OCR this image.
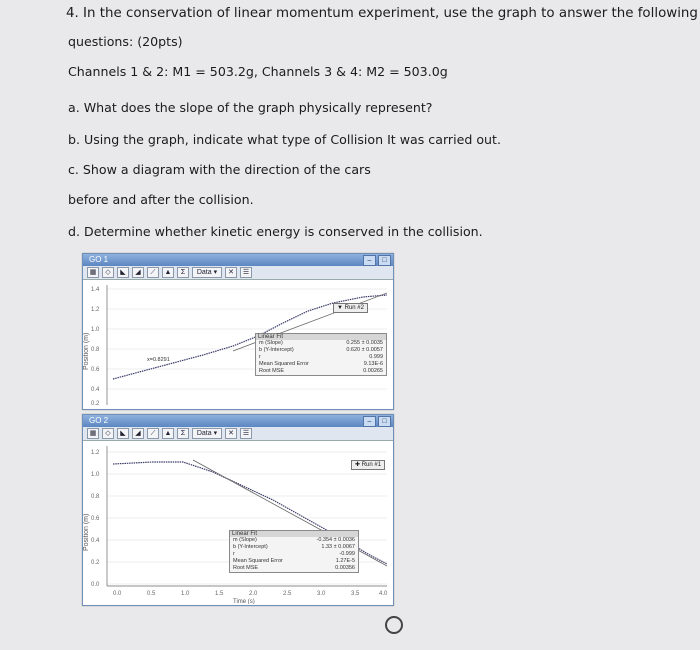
4. In the conservation of linear momentum experiment, use the graph to answer the following
questions: (20pts)
Channels 1 & 2: M1 = 503.2g, Channels 3 & 4: M2 = 503.0g
a. What does the slope of the graph physically represent?
b. Using the graph, indicate what type of Collision It was carried out.
c. Show a diagram with the direction of the cars
before and after the collision.
d. Determine whether kinetic energy is conserved in the collision.
GO 1	–	□
▦	◇	◣	◢	⟋	▲	Σ	Data ▾	✕	☰
1.4
1.2
1.0
0.8
0.6
0.4
0.2
x=0.8291
Position (m)
▼ Run #2
Linear Fit
m (Slope)	0.255 ± 0.0035
b (Y-Intercept)	0.620 ± 0.0057
r	0.999
Mean Squared Error	9.13E-6
Root MSE	0.00265
GO 2	–	□
▦	◇	◣	◢	⟋	▲	Σ	Data ▾	✕	☰
1.2
1.0
0.8
0.6
0.4
0.2
0.0
0.0	0.5	1.0	1.5	2.0	2.5	3.0	3.5	4.0
Time (s)
Position (m)
✚ Run #1
Linear Fit
m (Slope)	-0.354 ± 0.0036
b (Y-Intercept)	1.33 ± 0.0067
r	-0.999
Mean Squared Error	1.27E-5
Root MSE	0.00356
